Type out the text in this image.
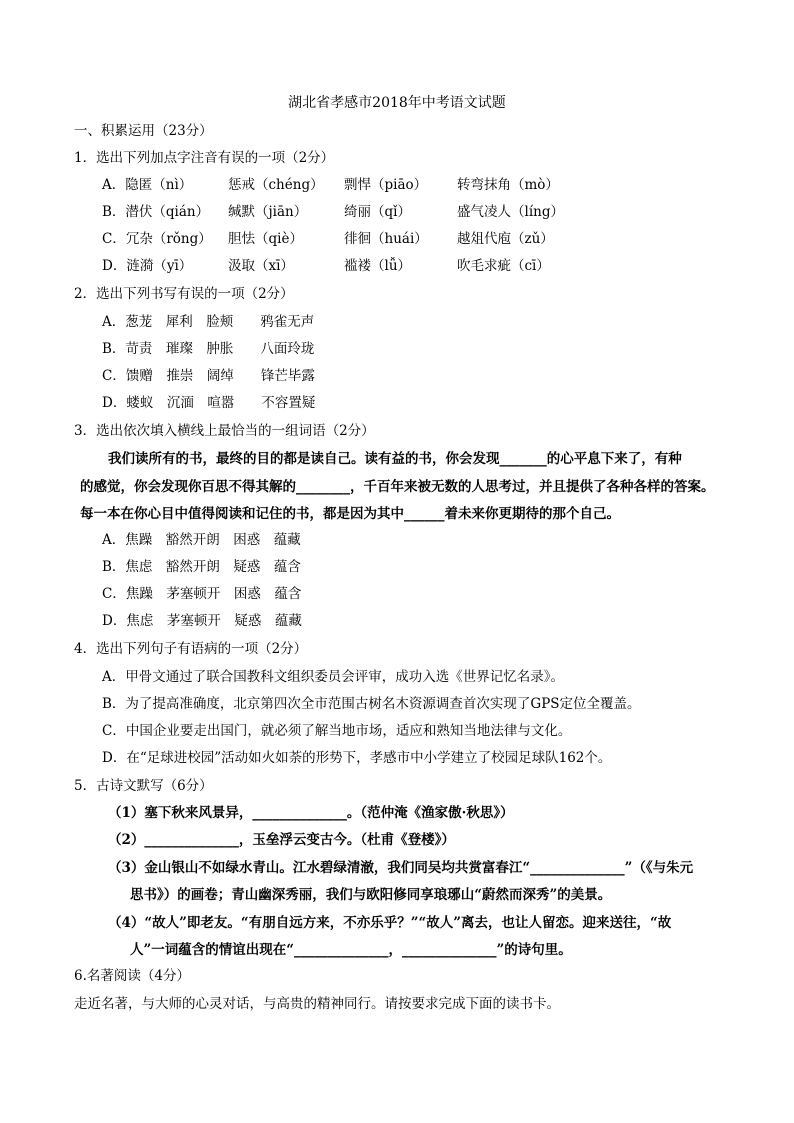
湖北省孝感市2018年中考语文试题
一、积累运用（23分）
1．选出下列加点字注音有误的一项（2分）
A．隐匿（nì）	惩戒（chéng） 剽悍（piāo） 转弯抹角（mò）
B．潜伏（qián） 缄默（jiān）	绮丽（qǐ）	盛气凌人（líng）
C．冗杂（rǒng） 胆怯（qiè）	徘徊（huái） 越俎代庖（zǔ）
D．涟漪（yī）	汲取（xī）	褴褛（lǚ）	吹毛求疵（cī）
2．选出下列书写有误的一项（2分）
A．葱茏　犀利　脸颊　　鸦雀无声
B．苛责　璀璨　肿胀　　八面玲珑
C．馈赠　推崇　阔绰　　锋芒毕露
D．蝼蚁　沉湎　喧嚣　　不容置疑
3．选出依次填入横线上最恰当的一组词语（2分）
我们读所有的书，最终的目的都是读自己。读有益的书，你会发现_______的心平息下来了，有种
的感觉，你会发现你百思不得其解的________，千百年来被无数的人思考过，并且提供了各种各样的答案。
每一本在你心目中值得阅读和记住的书，都是因为其中______着未来你更期待的那个自己。
A．焦躁　豁然开朗　困惑　蕴藏
B．焦虑　豁然开朗　疑惑　蕴含
C．焦躁　茅塞顿开　困惑　蕴含
D．焦虑　茅塞顿开　疑惑　蕴藏
4．选出下列句子有语病的一项（2分）
A．甲骨文通过了联合国教科文组织委员会评审，成功入选《世界记忆名录》。
B．为了提高准确度，北京第四次全市范围古树名木资源调查首次实现了GPS定位全覆盖。
C．中国企业要走出国门，就必须了解当地市场，适应和熟知当地法律与文化。
D．在“足球进校园”活动如火如荼的形势下，孝感市中小学建立了校园足球队162个。
5．古诗文默写（6分）
（1）塞下秋来风景异，______________。（范仲淹《渔家傲·秋思》）
（2）______________，玉垒浮云变古今。（杜甫《登楼》）
（3）金山银山不如绿水青山。江水碧绿清澈，我们同吴均共赏富春江“______________”（《与朱元
思书》）的画卷；青山幽深秀丽，我们与欧阳修同享琅琊山“蔚然而深秀”的美景。
（4）“故人”即老友。“有朋自远方来，不亦乐乎？”“故人”离去，也让人留恋。迎来送往，“故
人”一词蕴含的情谊出现在“______________，______________”的诗句里。
6.名著阅读（4分）
走近名著，与大师的心灵对话，与高贵的精神同行。请按要求完成下面的读书卡。
